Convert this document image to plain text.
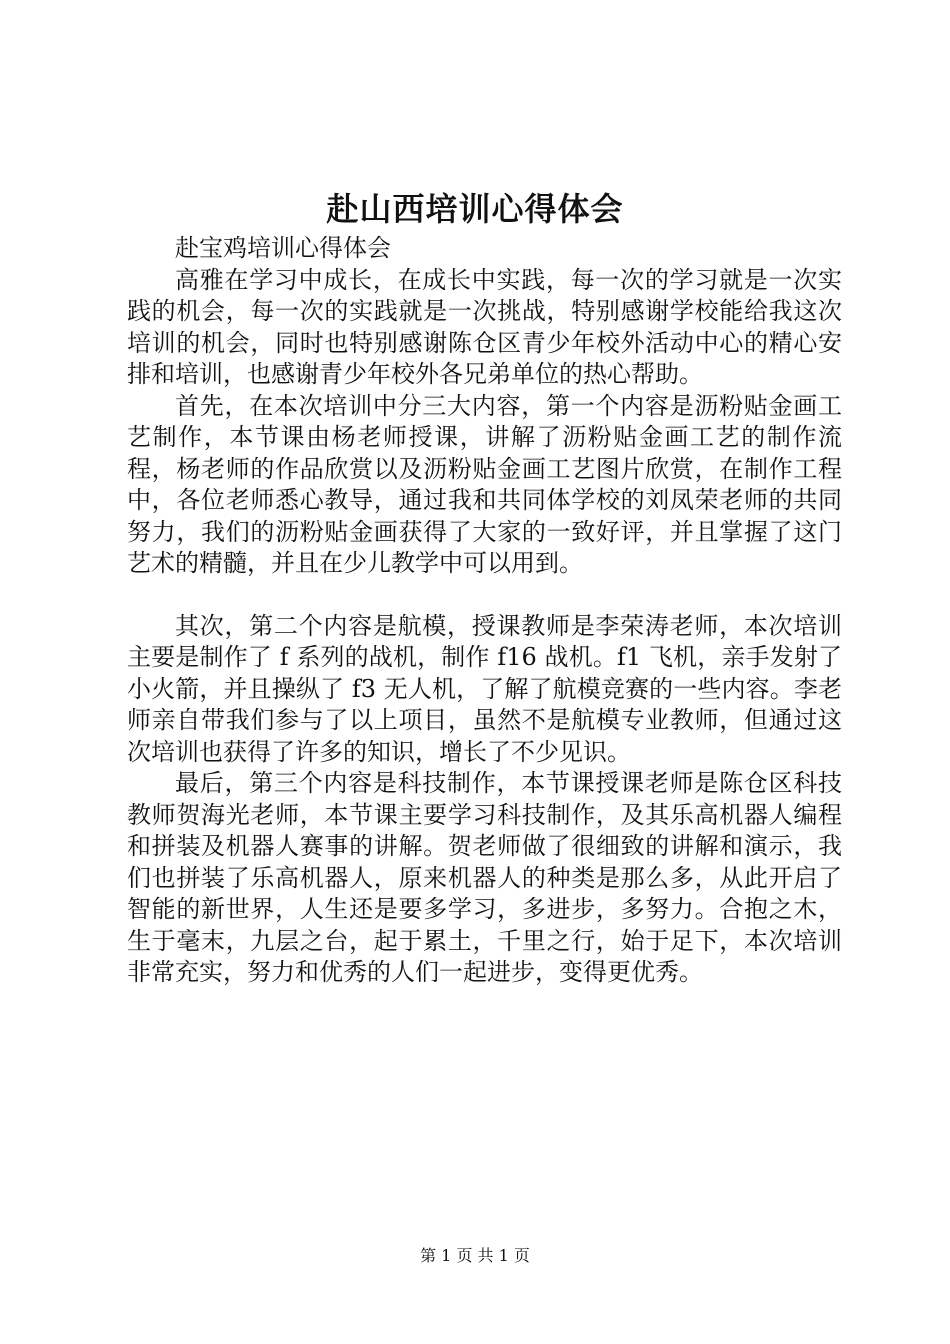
赴山西培训心得体会

赴宝鸡培训心得体会

高雅在学习中成长，在成长中实践，每一次的学习就是一次实践的机会，每一次的实践就是一次挑战，特别感谢学校能给我这次培训的机会，同时也特别感谢陈仓区青少年校外活动中心的精心安排和培训，也感谢青少年校外各兄弟单位的热心帮助。

首先，在本次培训中分三大内容，第一个内容是沥粉贴金画工艺制作，本节课由杨老师授课，讲解了沥粉贴金画工艺的制作流程，杨老师的作品欣赏以及沥粉贴金画工艺图片欣赏，在制作工程中，各位老师悉心教导，通过我和共同体学校的刘凤荣老师的共同努力，我们的沥粉贴金画获得了大家的一致好评，并且掌握了这门艺术的精髓，并且在少儿教学中可以用到。

其次，第二个内容是航模，授课教师是李荣涛老师，本次培训主要是制作了 f 系列的战机，制作 f16 战机。f1 飞机，亲手发射了小火箭，并且操纵了 f3 无人机，了解了航模竞赛的一些内容。李老师亲自带我们参与了以上项目，虽然不是航模专业教师，但通过这次培训也获得了许多的知识，增长了不少见识。

最后，第三个内容是科技制作，本节课授课老师是陈仓区科技教师贺海光老师，本节课主要学习科技制作，及其乐高机器人编程和拼装及机器人赛事的讲解。贺老师做了很细致的讲解和演示，我们也拼装了乐高机器人，原来机器人的种类是那么多，从此开启了智能的新世界，人生还是要多学习，多进步，多努力。合抱之木，生于毫末，九层之台，起于累土，千里之行，始于足下，本次培训非常充实，努力和优秀的人们一起进步，变得更优秀。

第 1 页 共 1 页
